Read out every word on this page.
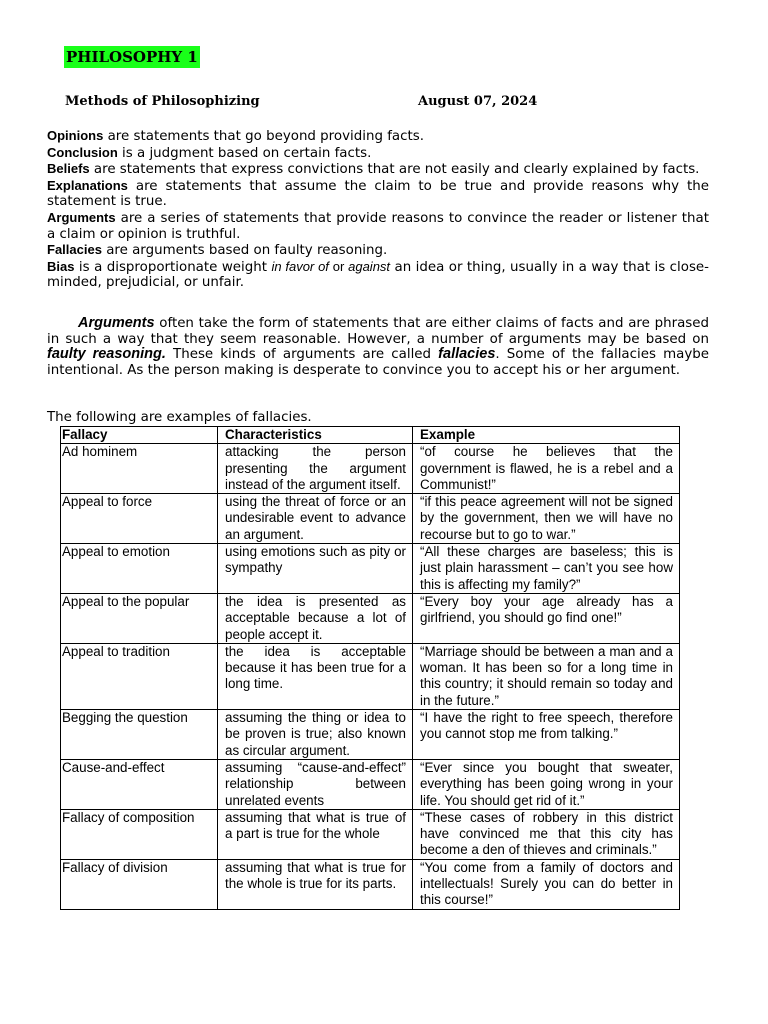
PHILOSOPHY 1
Methods of Philosophizing	August 07, 2024

Opinions are statements that go beyond providing facts.

Conclusion is a judgment based on certain facts.

Beliefs are statements that express convictions that are not easily and clearly explained by facts.

Explanations are statements that assume the claim to be true and provide reasons why the statement is true.

Arguments are a series of statements that provide reasons to convince the reader or listener that a claim or opinion is truthful.

Fallacies are arguments based on faulty reasoning.

Bias is a disproportionate weight in favor of or against an idea or thing, usually in a way that is close-minded, prejudicial, or unfair.

Arguments often take the form of statements that are either claims of facts and are phrased in such a way that they seem reasonable. However, a number of arguments may be based on faulty reasoning. These kinds of arguments are called fallacies. Some of the fallacies maybe intentional. As the person making is desperate to convince you to accept his or her argument.

The following are examples of fallacies.

Fallacy	Characteristics	Example
Ad hominem	attacking the person presenting the argument instead of the argument itself.	“of course he believes that the government is flawed, he is a rebel and a Communist!”
Appeal to force	using the threat of force or an undesirable event to advance an argument.	“if this peace agreement will not be signed by the government, then we will have no recourse but to go to war.”
Appeal to emotion	using emotions such as pity or sympathy	“All these charges are baseless; this is just plain harassment – can’t you see how this is affecting my family?”
Appeal to the popular	the idea is presented as acceptable because a lot of people accept it.	“Every boy your age already has a girlfriend, you should go find one!”
Appeal to tradition	the idea is acceptable because it has been true for a long time.	“Marriage should be between a man and a woman. It has been so for a long time in this country; it should remain so today and in the future.”
Begging the question	assuming the thing or idea to be proven is true; also known as circular argument.	“I have the right to free speech, therefore you cannot stop me from talking.”
Cause-and-effect	assuming “cause-and-effect” relationship between unrelated events	“Ever since you bought that sweater, everything has been going wrong in your life. You should get rid of it.”
Fallacy of composition	assuming that what is true of a part is true for the whole	“These cases of robbery in this district have convinced me that this city has become a den of thieves and criminals.”
Fallacy of division	assuming that what is true for the whole is true for its parts.	“You come from a family of doctors and intellectuals! Surely you can do better in this course!”
